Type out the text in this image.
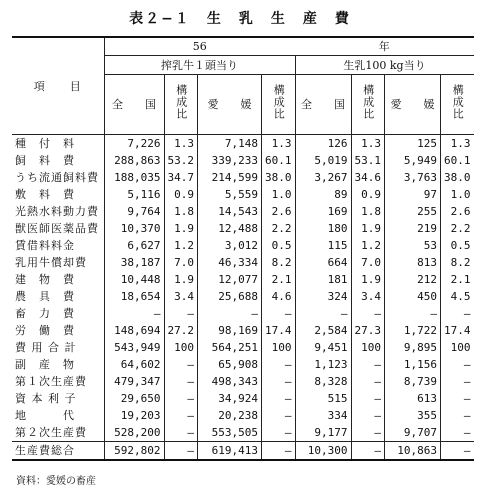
表２−１　生　乳　生　産　費
項　　目	56				年			
	搾乳牛１頭当り				生乳100 kg当り			
	全　　国	構成比	愛　　媛	構成比	全　　国	構成比	愛　　媛	構成比
種　付　料	7,226	1.3	7,148	1.3	126	1.3	125	1.3
飼　料　費	288,863	53.2	339,233	60.1	5,019	53.1	5,949	60.1
うち流通飼料費	188,035	34.7	214,599	38.0	3,267	34.6	3,763	38.0
敷　料　費	5,116	0.9	5,559	1.0	89	0.9	97	1.0
光熱水料動力費	9,764	1.8	14,543	2.6	169	1.8	255	2.6
獣医師医薬品費	10,370	1.9	12,488	2.2	180	1.9	219	2.2
賃借料料金	6,627	1.2	3,012	0.5	115	1.2	53	0.5
乳用牛償却費	38,187	7.0	46,334	8.2	664	7.0	813	8.2
建　物　費	10,448	1.9	12,077	2.1	181	1.9	212	2.1
農　具　費	18,654	3.4	25,688	4.6	324	3.4	450	4.5
畜　力　費	—	—	—	—	—	—	—	—
労　働　費	148,694	27.2	98,169	17.4	2,584	27.3	1,722	17.4
費 用 合 計	543,949	100	564,251	100	9,451	100	9,895	100
副　産　物	64,602	—	65,908	—	1,123	—	1,156	—
第１次生産費	479,347	—	498,343	—	8,328	—	8,739	—
資 本 利 子	29,650	—	34,924	—	515	—	613	—
地　　　代	19,203	—	20,238	—	334	—	355	—
第２次生産費	528,200	—	553,505	—	9,177	—	9,707	—
生産費総合	592,802	—	619,413	—	10,300	—	10,863	—
資料：愛媛の畜産
